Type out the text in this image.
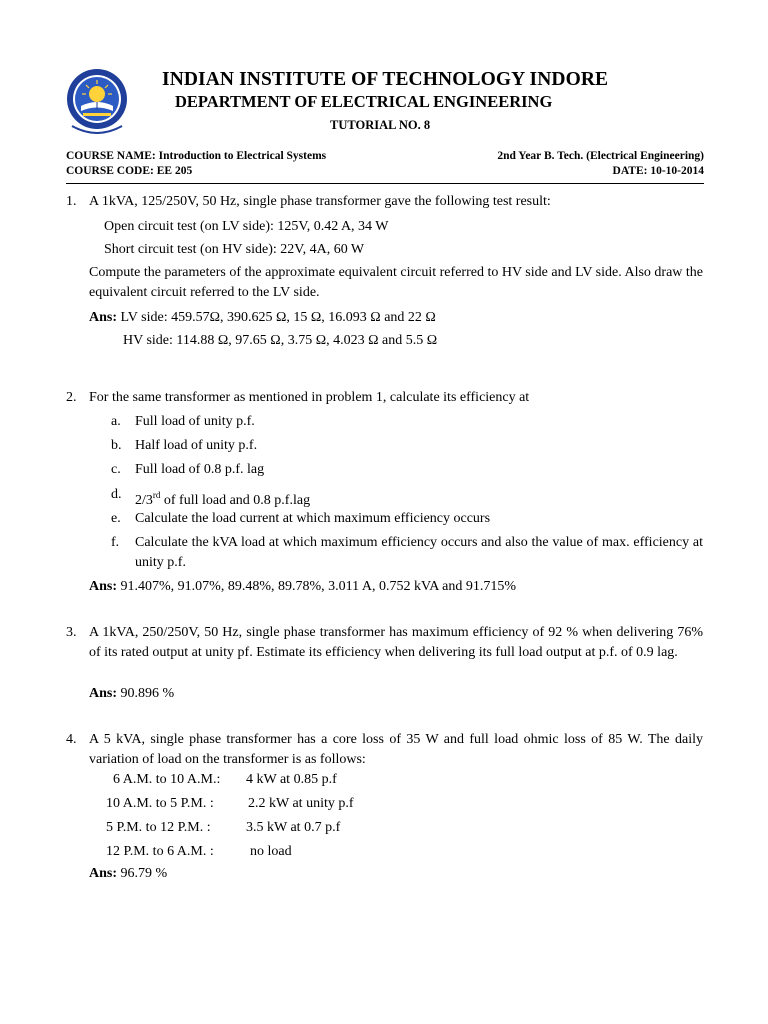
INDIAN INSTITUTE OF TECHNOLOGY INDORE
DEPARTMENT OF ELECTRICAL ENGINEERING
TUTORIAL NO. 8
COURSE NAME: Introduction to Electrical Systems	2nd Year B. Tech. (Electrical Engineering)
COURSE CODE: EE 205	DATE: 10-10-2014
1. A 1kVA, 125/250V, 50 Hz, single phase transformer gave the following test result:
Open circuit test (on LV side): 125V, 0.42 A, 34 W
Short circuit test (on HV side): 22V, 4A, 60 W
Compute the parameters of the approximate equivalent circuit referred to HV side and LV side. Also draw the equivalent circuit referred to the LV side.
Ans: LV side: 459.57Ω, 390.625 Ω, 15 Ω, 16.093 Ω and 22 Ω
HV side: 114.88 Ω, 97.65 Ω, 3.75 Ω, 4.023 Ω and 5.5 Ω
2. For the same transformer as mentioned in problem 1, calculate its efficiency at
a. Full load of unity p.f.
b. Half load of unity p.f.
c. Full load of 0.8 p.f. lag
d. 2/3rd of full load and 0.8 p.f.lag
e. Calculate the load current at which maximum efficiency occurs
f. Calculate the kVA load at which maximum efficiency occurs and also the value of max. efficiency at unity p.f.
Ans: 91.407%, 91.07%, 89.48%, 89.78%, 3.011 A, 0.752 kVA and 91.715%
3. A 1kVA, 250/250V, 50 Hz, single phase transformer has maximum efficiency of 92 % when delivering 76% of its rated output at unity pf. Estimate its efficiency when delivering its full load output at p.f. of 0.9 lag.
Ans: 90.896 %
4. A 5 kVA, single phase transformer has a core loss of 35 W and full load ohmic loss of 85 W. The daily variation of load on the transformer is as follows:
6 A.M. to 10 A.M.: 4 kW at 0.85 p.f
10 A.M. to 5 P.M. : 2.2 kW at unity p.f
5 P.M. to 12 P.M. :	3.5 kW at 0.7 p.f
12 P.M. to 6 A.M. :	no load
Ans: 96.79 %
